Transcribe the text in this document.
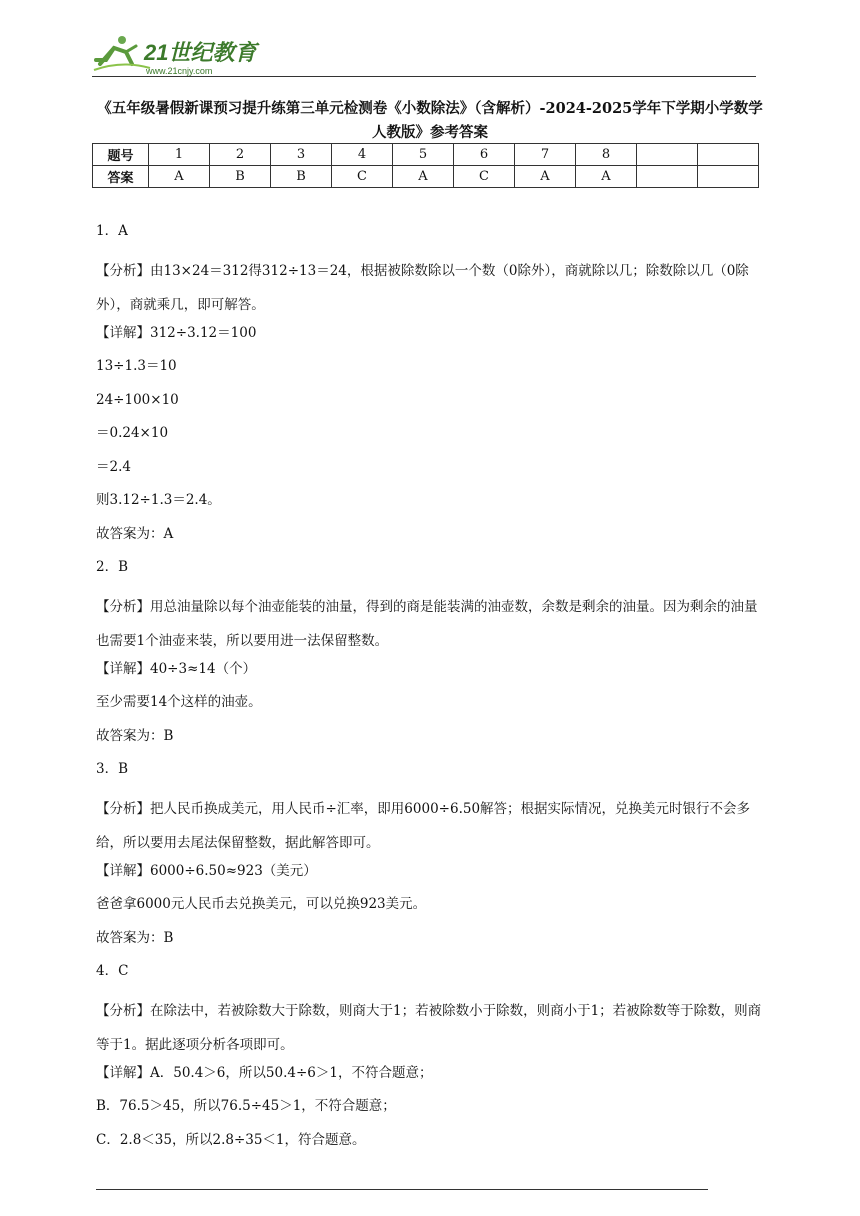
21世纪教育
www.21cnjy.com
《五年级暑假新课预习提升练第三单元检测卷《小数除法》（含解析）-2024-2025学年下学期小学数学人教版》参考答案
题号	1	2	3	4	5	6	7	8		
答案	A	B	B	C	A	C	A	A		
1．A
【分析】由13×24＝312得312÷13＝24，根据被除数除以一个数（0除外），商就除以几；除数除以几（0除外），商就乘几，即可解答。
【详解】312÷3.12＝100
13÷1.3＝10
24÷100×10
＝0.24×10
＝2.4
则3.12÷1.3＝2.4。
故答案为：A
2．B
【分析】用总油量除以每个油壶能装的油量，得到的商是能装满的油壶数，余数是剩余的油量。因为剩余的油量也需要1个油壶来装，所以要用进一法保留整数。
【详解】40÷3≈14（个）
至少需要14个这样的油壶。
故答案为：B
3．B
【分析】把人民币换成美元，用人民币÷汇率，即用6000÷6.50解答；根据实际情况，兑换美元时银行不会多给，所以要用去尾法保留整数，据此解答即可。
【详解】6000÷6.50≈923（美元）
爸爸拿6000元人民币去兑换美元，可以兑换923美元。
故答案为：B
4．C
【分析】在除法中，若被除数大于除数，则商大于1；若被除数小于除数，则商小于1；若被除数等于除数，则商等于1。据此逐项分析各项即可。
【详解】A．50.4＞6，所以50.4÷6＞1，不符合题意；
B．76.5＞45，所以76.5÷45＞1，不符合题意；
C．2.8＜35，所以2.8÷35＜1，符合题意。
